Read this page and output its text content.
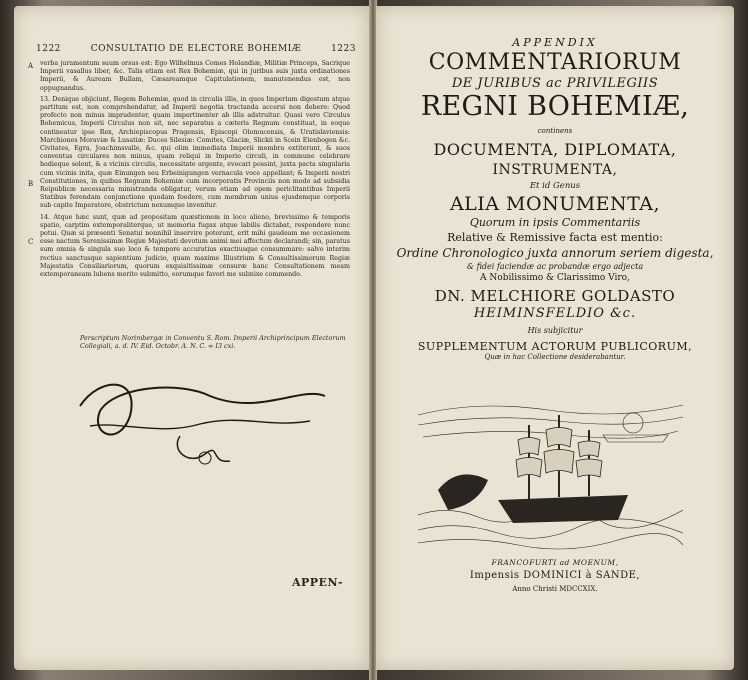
1222	CONSULTATIO DE ELECTORE BOHEMIÆ	1223
A
B
C

verba juramentum suum orsus est: Ego Wilhelmus Comes Holandiæ, Militiæ Princeps, Sacrique Imperii vasallus liber, &c. Talis etiam est Rex Bohemiæ, qui in juribus suis juxta ordinationes Imperii, & Auream Bullam, Cæsareamque Capitulationem, manutenendus est, non oppugnandus.

13. Denique objiciunt, Regem Bohemiæ, quod in circulis illis, in quos Imperium digestum atque partitum est, non comprehendatur, ad Imperii negotia tractanda accersi non debere: Quod profecto non minus imprudenter, quam impertinenter ab illis adstruitur. Quasi vero Circulus Bohemicus, Imperii Circulus non sit, nec separatus a cæteris Regnum constituat, in eoque contineatur ipse Rex, Archiepiscopus Pragensis, Episcopi Olomucensis, & Uratislaviensis: Marchiones Moraviæ & Lusatiæ: Duces Silesiæ: Comites, Glaciæ, Slickii in Scein Elenbogen &c. Civitates, Egra, Joachimsvalle, &c. qui olim immediata Imperii membra extiterunt, & suos conventus circulares non minus, quam reliqui in Imperio circuli, in commune celebrare hodieque solent, & a vicinis circulis, necessitate urgente, evocari possint, juxta pacta singularia cum vicinis inita, quæ Einungen seu Erbeinigungen vernacula voce appellant; & Imperii nostri Constitutiones, in quibus Regnum Bohemiæ cum incorporatis Provinciis non modo ad subsidia Reipublicæ necessaria ministranda obligatur, verum etiam ad opem periclitantibus Imperii Statibus ferendam conjunctione quodam foedere, cum membrum unius ejusdemque corporis sub capite Imperatore, obstrictum nexumque invenitur.

14. Atque hæc sunt, quæ ad propositam quæstionem in loco alieno, brevissimo & temporis spatio, carptim extemporaliterque, ut memoria fugax atque labilis dictabat, respondere nunc potui. Quæ si præsenti Senatui nonnihil inservire poterunt, erit mihi gaudeam me occasionem esse nactum Serenissimæ Regiæ Majestati devotum animi mei affectum declarandi; sin, paratus sum omnia & singula suo loco & tempore accuratius exactiusque consummare: salvo interim rectius sanctusque sapientium judicio, quam maxime Illustrium & Consultissimorum Regiæ Majestatis Consiliariorum, quorum exquisitissimæ censuræ hanc Consultationem meam extemporaneam lubens merito submitto, eorumque favori me subnixe commendo.

Perscriptum Norimbergæ in Conventu S. Rom. Imperii Archiprincipum Electorum Collegiali, a. d. IV. Eid. Octobr. A. N. C. ∞ I3 cxi.
APPEN-
APPENDIX
COMMENTARIORUM
DE JURIBUS ac PRIVILEGIIS
REGNI BOHEMIÆ,
continens
DOCUMENTA, DIPLOMATA,
INSTRUMENTA,
Et id Genus
ALIA MONUMENTA,
Quorum in ipsis Commentariis
Relative & Remissive facta est mentio:
Ordine Chronologico juxta annorum seriem digesta,
& fidei faciendæ ac probandæ ergo adjecta
A Nobilissimo & Clarissimo Viro,
DN. MELCHIORE GOLDASTO
HEIMINSFELDIO &c.
His subjicitur
SUPPLEMENTUM ACTORUM PUBLICORUM,
Quæ in hac Collectione desiderabantur.
FRANCOFURTI ad MOENUM,
Impensis DOMINICI à SANDE,
Anno Christi MDCCXIX.
